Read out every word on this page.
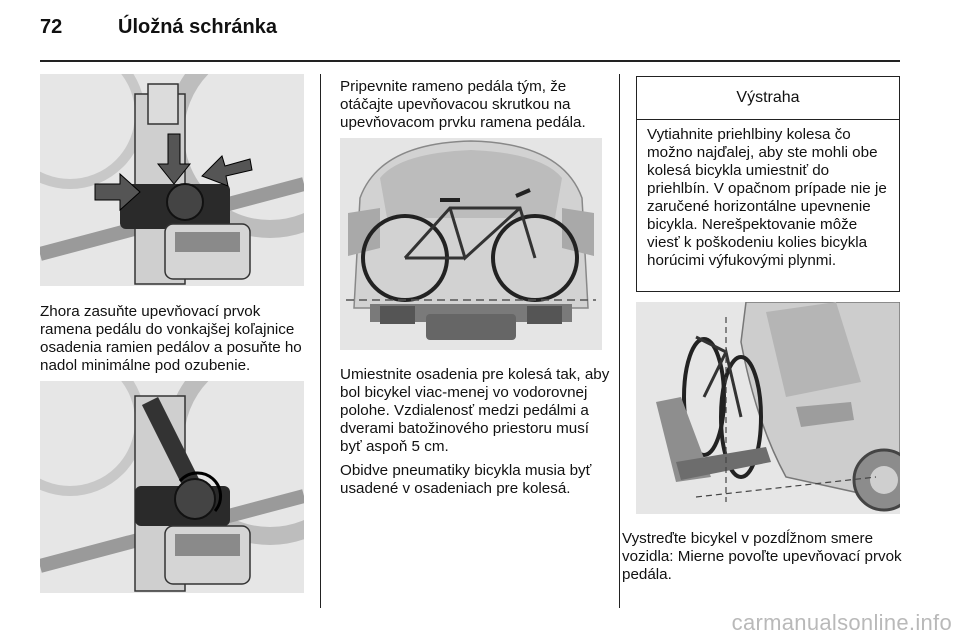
72	Úložná schránka

Zhora zasuňte upevňovací prvok ramena pedálu do vonkajšej koľajnice osadenia ramien pedálov a posuňte ho nadol minimálne pod ozubenie.

Pripevnite rameno pedála tým, že otáčajte upevňovacou skrutkou na upevňovacom prvku ramena pedála.

Umiestnite osadenia pre kolesá tak, aby bol bicykel viac-menej vo vodorovnej polohe. Vzdialenosť medzi pedálmi a dverami batožinového priestoru musí byť aspoň 5 cm.

Obidve pneumatiky bicykla musia byť usadené v osadeniach pre kolesá.

Výstraha
Vytiahnite priehlbiny kolesa čo možno najďalej, aby ste mohli obe kolesá bicykla umiestniť do priehlbín. V opačnom prípade nie je zaručené horizontálne upevnenie bicykla. Nerešpektovanie môže viesť k poškodeniu kolies bicykla horúcimi výfukovými plynmi.

Vystreďte bicykel v pozdĺžnom smere vozidla: Mierne povoľte upevňovací prvok pedála.

carmanualsonline.info
